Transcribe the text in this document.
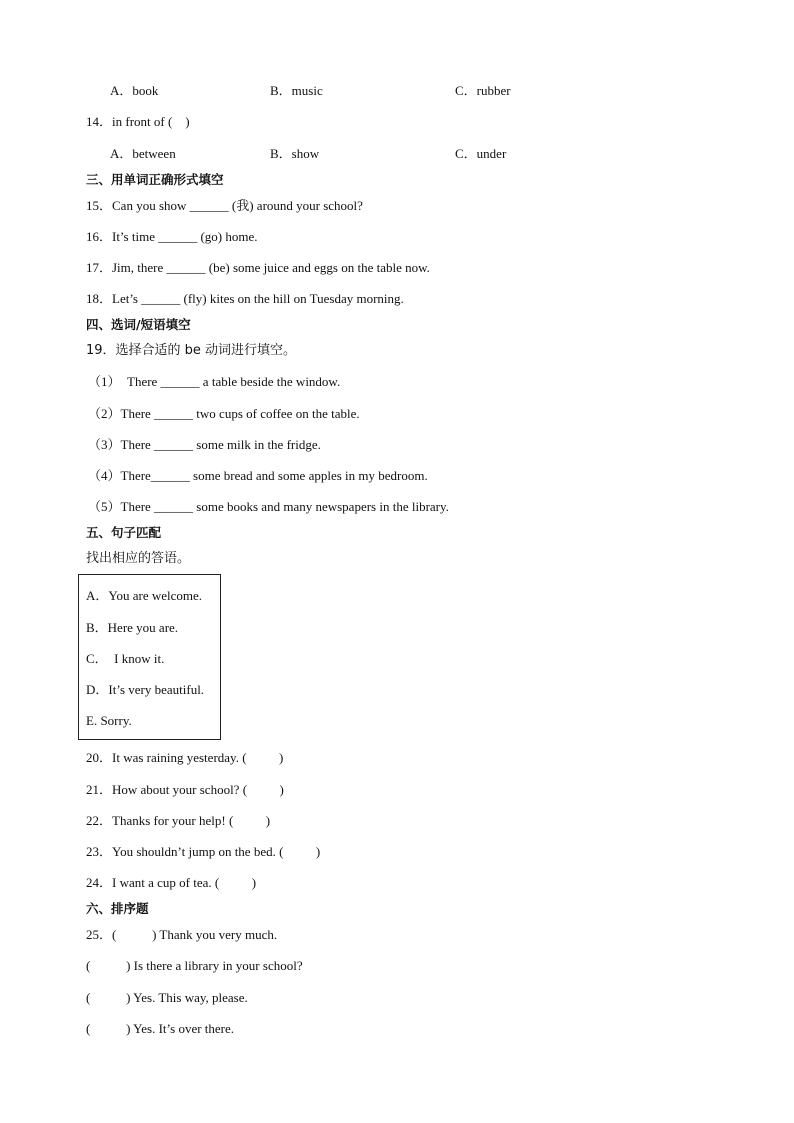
A．book	B．music	C．rubber
14．in front of (    )
A．between	B．show	C．under
三、用单词正确形式填空
15．Can you show ______ (我) around your school?
16．It’s time ______ (go) home.
17．Jim, there ______ (be) some juice and eggs on the table now.
18．Let’s ______ (fly) kites on the hill on Tuesday morning.
四、选词/短语填空
19．选择合适的 be 动词进行填空。
（1）  There ______ a table beside the window.
（2）There ______ two cups of coffee on the table.
（3）There ______ some milk in the fridge.
（4）There______ some bread and some apples in my bedroom.
（5）There ______ some books and many newspapers in the library.
五、句子匹配
找出相应的答语。
A．You are welcome.
B．Here you are.
C．  I know it.
D．It’s very beautiful.
E. Sorry.
20．It was raining yesterday. (          )
21．How about your school? (          )
22．Thanks for your help! (          )
23．You shouldn’t jump on the bed. (          )
24．I want a cup of tea. (          )
六、排序题
25．(           ) Thank you very much.
(           ) Is there a library in your school?
(           ) Yes. This way, please.
(           ) Yes. It’s over there.
